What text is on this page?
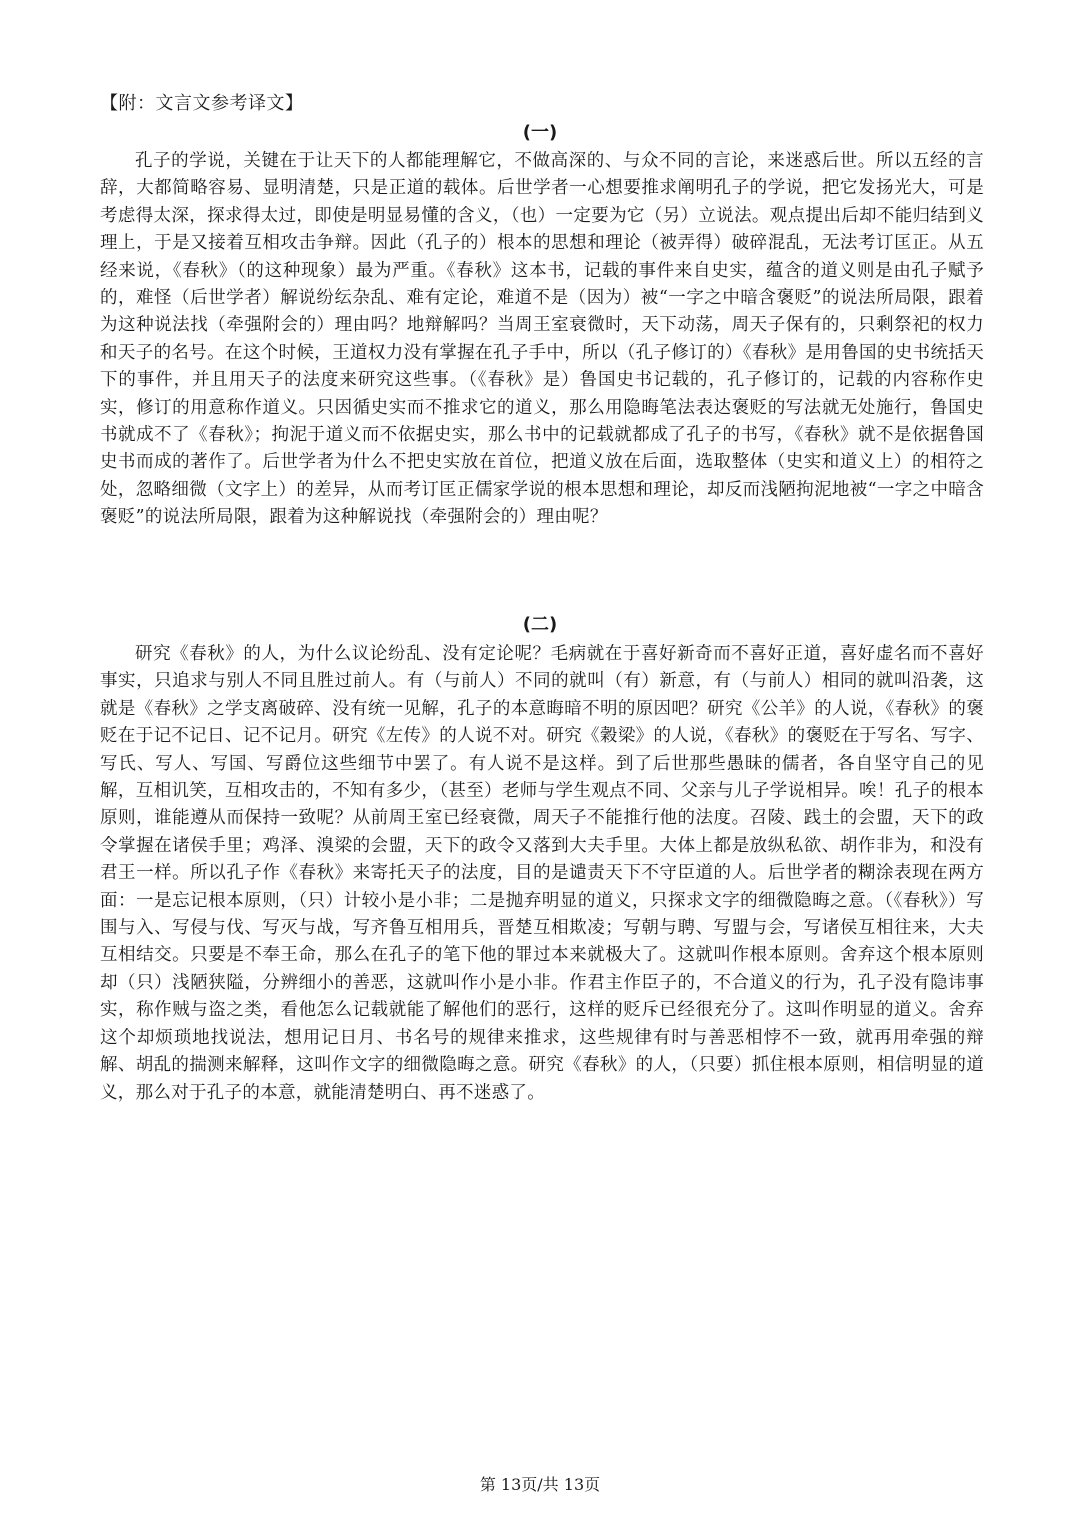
【附：文言文参考译文】
(一)
孔子的学说，关键在于让天下的人都能理解它，不做高深的、与众不同的言论，来迷惑后世。所以五经的言辞，大都简略容易、显明清楚，只是正道的载体。后世学者一心想要推求阐明孔子的学说，把它发扬光大，可是考虑得太深，探求得太过，即使是明显易懂的含义，（也）一定要为它（另）立说法。观点提出后却不能归结到义理上，于是又接着互相攻击争辩。因此（孔子的）根本的思想和理论（被弄得）破碎混乱，无法考订匡正。从五经来说，《春秋》（的这种现象）最为严重。《春秋》这本书，记载的事件来自史实，蕴含的道义则是由孔子赋予的，难怪（后世学者）解说纷纭杂乱、难有定论，难道不是（因为）被“一字之中暗含褒贬”的说法所局限，跟着为这种说法找（牵强附会的）理由吗？地辩解吗？当周王室衰微时，天下动荡，周天子保有的，只剩祭祀的权力和天子的名号。在这个时候，王道权力没有掌握在孔子手中，所以（孔子修订的）《春秋》是用鲁国的史书统括天下的事件，并且用天子的法度来研究这些事。（《春秋》是）鲁国史书记载的，孔子修订的，记载的内容称作史实，修订的用意称作道义。只因循史实而不推求它的道义，那么用隐晦笔法表达褒贬的写法就无处施行，鲁国史书就成不了《春秋》；拘泥于道义而不依据史实，那么书中的记载就都成了孔子的书写，《春秋》就不是依据鲁国史书而成的著作了。后世学者为什么不把史实放在首位，把道义放在后面，选取整体（史实和道义上）的相符之处，忽略细微（文字上）的差异，从而考订匡正儒家学说的根本思想和理论，却反而浅陋拘泥地被“一字之中暗含褒贬”的说法所局限，跟着为这种解说找（牵强附会的）理由呢？
(二)
研究《春秋》的人，为什么议论纷乱、没有定论呢？毛病就在于喜好新奇而不喜好正道，喜好虚名而不喜好事实，只追求与别人不同且胜过前人。有（与前人）不同的就叫（有）新意，有（与前人）相同的就叫沿袭，这就是《春秋》之学支离破碎、没有统一见解，孔子的本意晦暗不明的原因吧？研究《公羊》的人说，《春秋》的褒贬在于记不记日、记不记月。研究《左传》的人说不对。研究《穀梁》的人说，《春秋》的褒贬在于写名、写字、写氏、写人、写国、写爵位这些细节中罢了。有人说不是这样。到了后世那些愚昧的儒者，各自坚守自己的见解，互相讥笑，互相攻击的，不知有多少，（甚至）老师与学生观点不同、父亲与儿子学说相异。唉！孔子的根本原则，谁能遵从而保持一致呢？从前周王室已经衰微，周天子不能推行他的法度。召陵、践土的会盟，天下的政令掌握在诸侯手里；鸡泽、溴梁的会盟，天下的政令又落到大夫手里。大体上都是放纵私欲、胡作非为，和没有君王一样。所以孔子作《春秋》来寄托天子的法度，目的是谴责天下不守臣道的人。后世学者的糊涂表现在两方面：一是忘记根本原则，（只）计较小是小非；二是抛弃明显的道义，只探求文字的细微隐晦之意。（《春秋》）写围与入、写侵与伐、写灭与战，写齐鲁互相用兵，晋楚互相欺凌；写朝与聘、写盟与会，写诸侯互相往来，大夫互相结交。只要是不奉王命，那么在孔子的笔下他的罪过本来就极大了。这就叫作根本原则。舍弃这个根本原则却（只）浅陋狭隘，分辨细小的善恶，这就叫作小是小非。作君主作臣子的，不合道义的行为，孔子没有隐讳事实，称作贼与盗之类，看他怎么记载就能了解他们的恶行，这样的贬斥已经很充分了。这叫作明显的道义。舍弃这个却烦琐地找说法，想用记日月、书名号的规律来推求，这些规律有时与善恶相悖不一致，就再用牵强的辩解、胡乱的揣测来解释，这叫作文字的细微隐晦之意。研究《春秋》的人，（只要）抓住根本原则，相信明显的道义，那么对于孔子的本意，就能清楚明白、再不迷惑了。
第 13页/共 13页
